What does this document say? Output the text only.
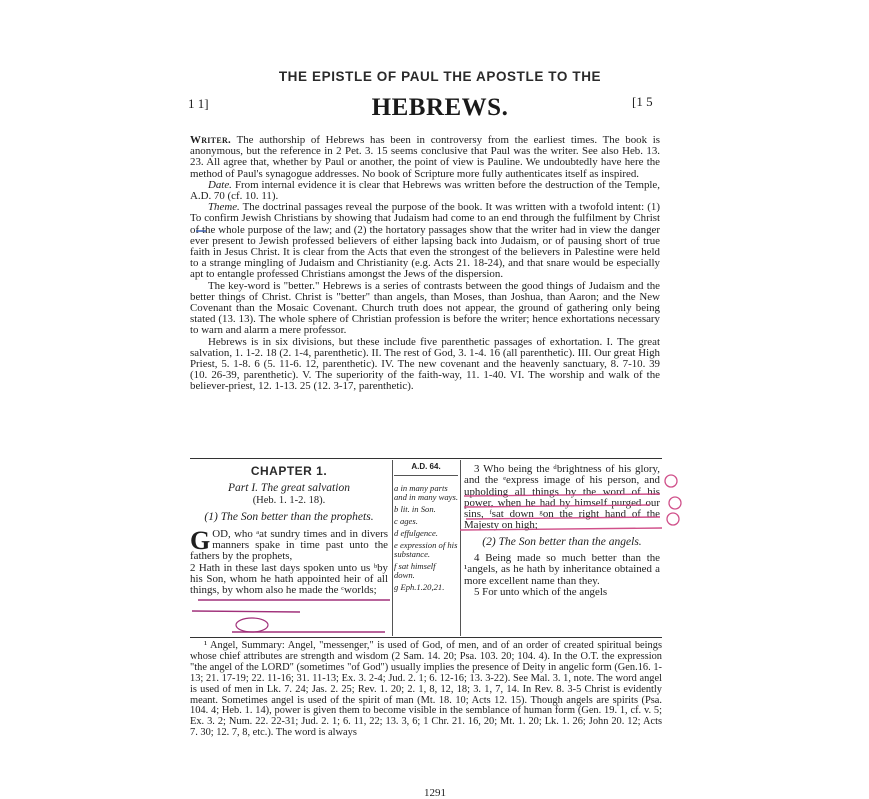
THE EPISTLE OF PAUL THE APOSTLE TO THE
1 1]	HEBREWS.	[1 5

Writer. The authorship of Hebrews has been in controversy from the earliest times. The book is anonymous, but the reference in 2 Pet. 3. 15 seems conclusive that Paul was the writer. See also Heb. 13. 23. All agree that, whether by Paul or another, the point of view is Pauline. We undoubtedly have here the method of Paul's synagogue addresses. No book of Scripture more fully authenticates itself as inspired.

Date. From internal evidence it is clear that Hebrews was written before the destruction of the Temple, A.D. 70 (cf. 10. 11).

Theme. The doctrinal passages reveal the purpose of the book. It was written with a twofold intent: (1) To confirm Jewish Christians by showing that Judaism had come to an end through the fulfilment by Christ of the whole purpose of the law; and (2) the hortatory passages show that the writer had in view the danger ever present to Jewish professed believers of either lapsing back into Judaism, or of pausing short of true faith in Jesus Christ. It is clear from the Acts that even the strongest of the believers in Palestine were held to a strange mingling of Judaism and Christianity (e.g. Acts 21. 18-24), and that snare would be especially apt to entangle professed Christians amongst the Jews of the dispersion.

The key-word is "better." Hebrews is a series of contrasts between the good things of Judaism and the better things of Christ. Christ is "better" than angels, than Moses, than Joshua, than Aaron; and the New Covenant than the Mosaic Covenant. Church truth does not appear, the ground of gathering only being stated (13. 13). The whole sphere of Christian profession is before the writer; hence exhortations necessary to warn and alarm a mere professor.

Hebrews is in six divisions, but these include five parenthetic passages of exhortation. I. The great salvation, 1. 1-2. 18 (2. 1-4, parenthetic). II. The rest of God, 3. 1-4. 16 (all parenthetic). III. Our great High Priest, 5. 1-8. 6 (5. 11-6. 12, parenthetic). IV. The new covenant and the heavenly sanctuary, 8. 7-10. 39 (10. 26-39, parenthetic). V. The superiority of the faith-way, 11. 1-40. VI. The worship and walk of the believer-priest, 12. 1-13. 25 (12. 3-17, parenthetic).

CHAPTER 1.
Part I. The great salvation
(Heb. 1. 1-2. 18).
(1) The Son better than the prophets.

GOD, who ᵃat sundry times and in divers manners spake in time past unto the fathers by the prophets,

2 Hath in these last days spoken unto us ᵇby his Son, whom he hath appointed heir of all things, by whom also he made the ᶜworlds;

A.D. 64.

a in many parts and in many ways.

b lit. in Son.

c ages.

d effulgence.

e expression of his substance.

f sat himself down.

g Eph.1.20,21.

3 Who being the ᵈbrightness of his glory, and the ᵉexpress image of his person, and upholding all things by the word of his power, when he had by himself purged our sins, ᶠsat down ᵍon the right hand of the Majesty on high;

(2) The Son better than the angels.

4 Being made so much better than the ¹angels, as he hath by inheritance obtained a more excellent name than they.

5 For unto which of the angels

¹ Angel, Summary: Angel, "messenger," is used of God, of men, and of an order of created spiritual beings whose chief attributes are strength and wisdom (2 Sam. 14. 20; Psa. 103. 20; 104. 4). In the O.T. the expression "the angel of the LORD" (sometimes "of God") usually implies the presence of Deity in angelic form (Gen.16. 1-13; 21. 17-19; 22. 11-16; 31. 11-13; Ex. 3. 2-4; Jud. 2. 1; 6. 12-16; 13. 3-22). See Mal. 3. 1, note. The word angel is used of men in Lk. 7. 24; Jas. 2. 25; Rev. 1. 20; 2. 1, 8, 12, 18; 3. 1, 7, 14. In Rev. 8. 3-5 Christ is evidently meant. Sometimes angel is used of the spirit of man (Mt. 18. 10; Acts 12. 15). Though angels are spirits (Psa. 104. 4; Heb. 1. 14), power is given them to become visible in the semblance of human form (Gen. 19. 1, cf. v. 5; Ex. 3. 2; Num. 22. 22-31; Jud. 2. 1; 6. 11, 22; 13. 3, 6; 1 Chr. 21. 16, 20; Mt. 1. 20; Lk. 1. 26; John 20. 12; Acts 7. 30; 12. 7, 8, etc.). The word is always

1291
